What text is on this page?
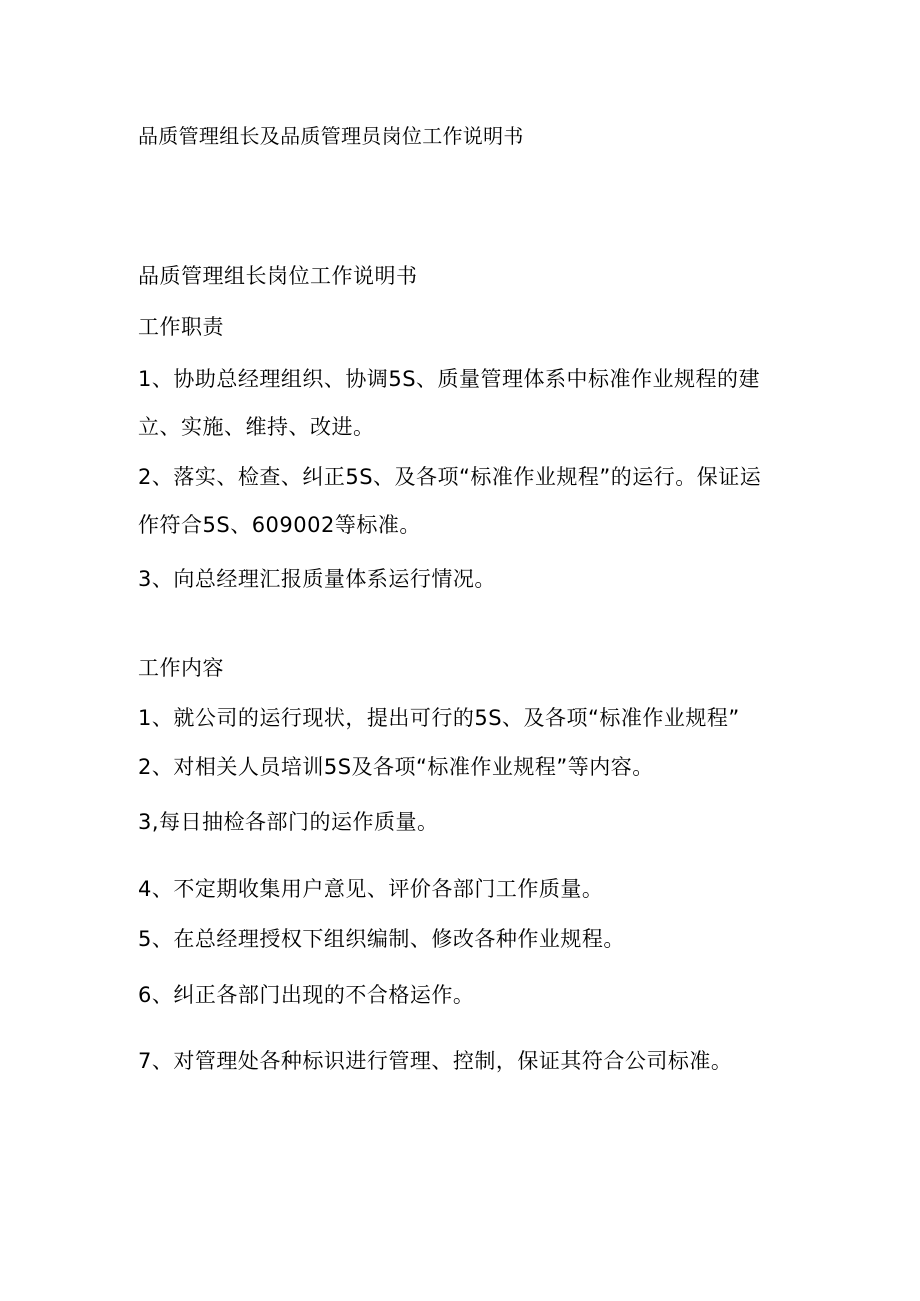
品质管理组长及品质管理员岗位工作说明书
品质管理组长岗位工作说明书
工作职责
1、协助总经理组织、协调5S、质量管理体系中标准作业规程的建
立、实施、维持、改进。
2、落实、检查、纠正5S、及各项“标准作业规程”的运行。保证运
作符合5S、609002等标准。
3、向总经理汇报质量体系运行情况。
工作内容
1、就公司的运行现状，提出可行的5S、及各项“标准作业规程”
2、对相关人员培训5S及各项“标准作业规程”等内容。
3,每日抽检各部门的运作质量。
4、不定期收集用户意见、评价各部门工作质量。
5、在总经理授权下组织编制、修改各种作业规程。
6、纠正各部门出现的不合格运作。
7、对管理处各种标识进行管理、控制，保证其符合公司标准。
